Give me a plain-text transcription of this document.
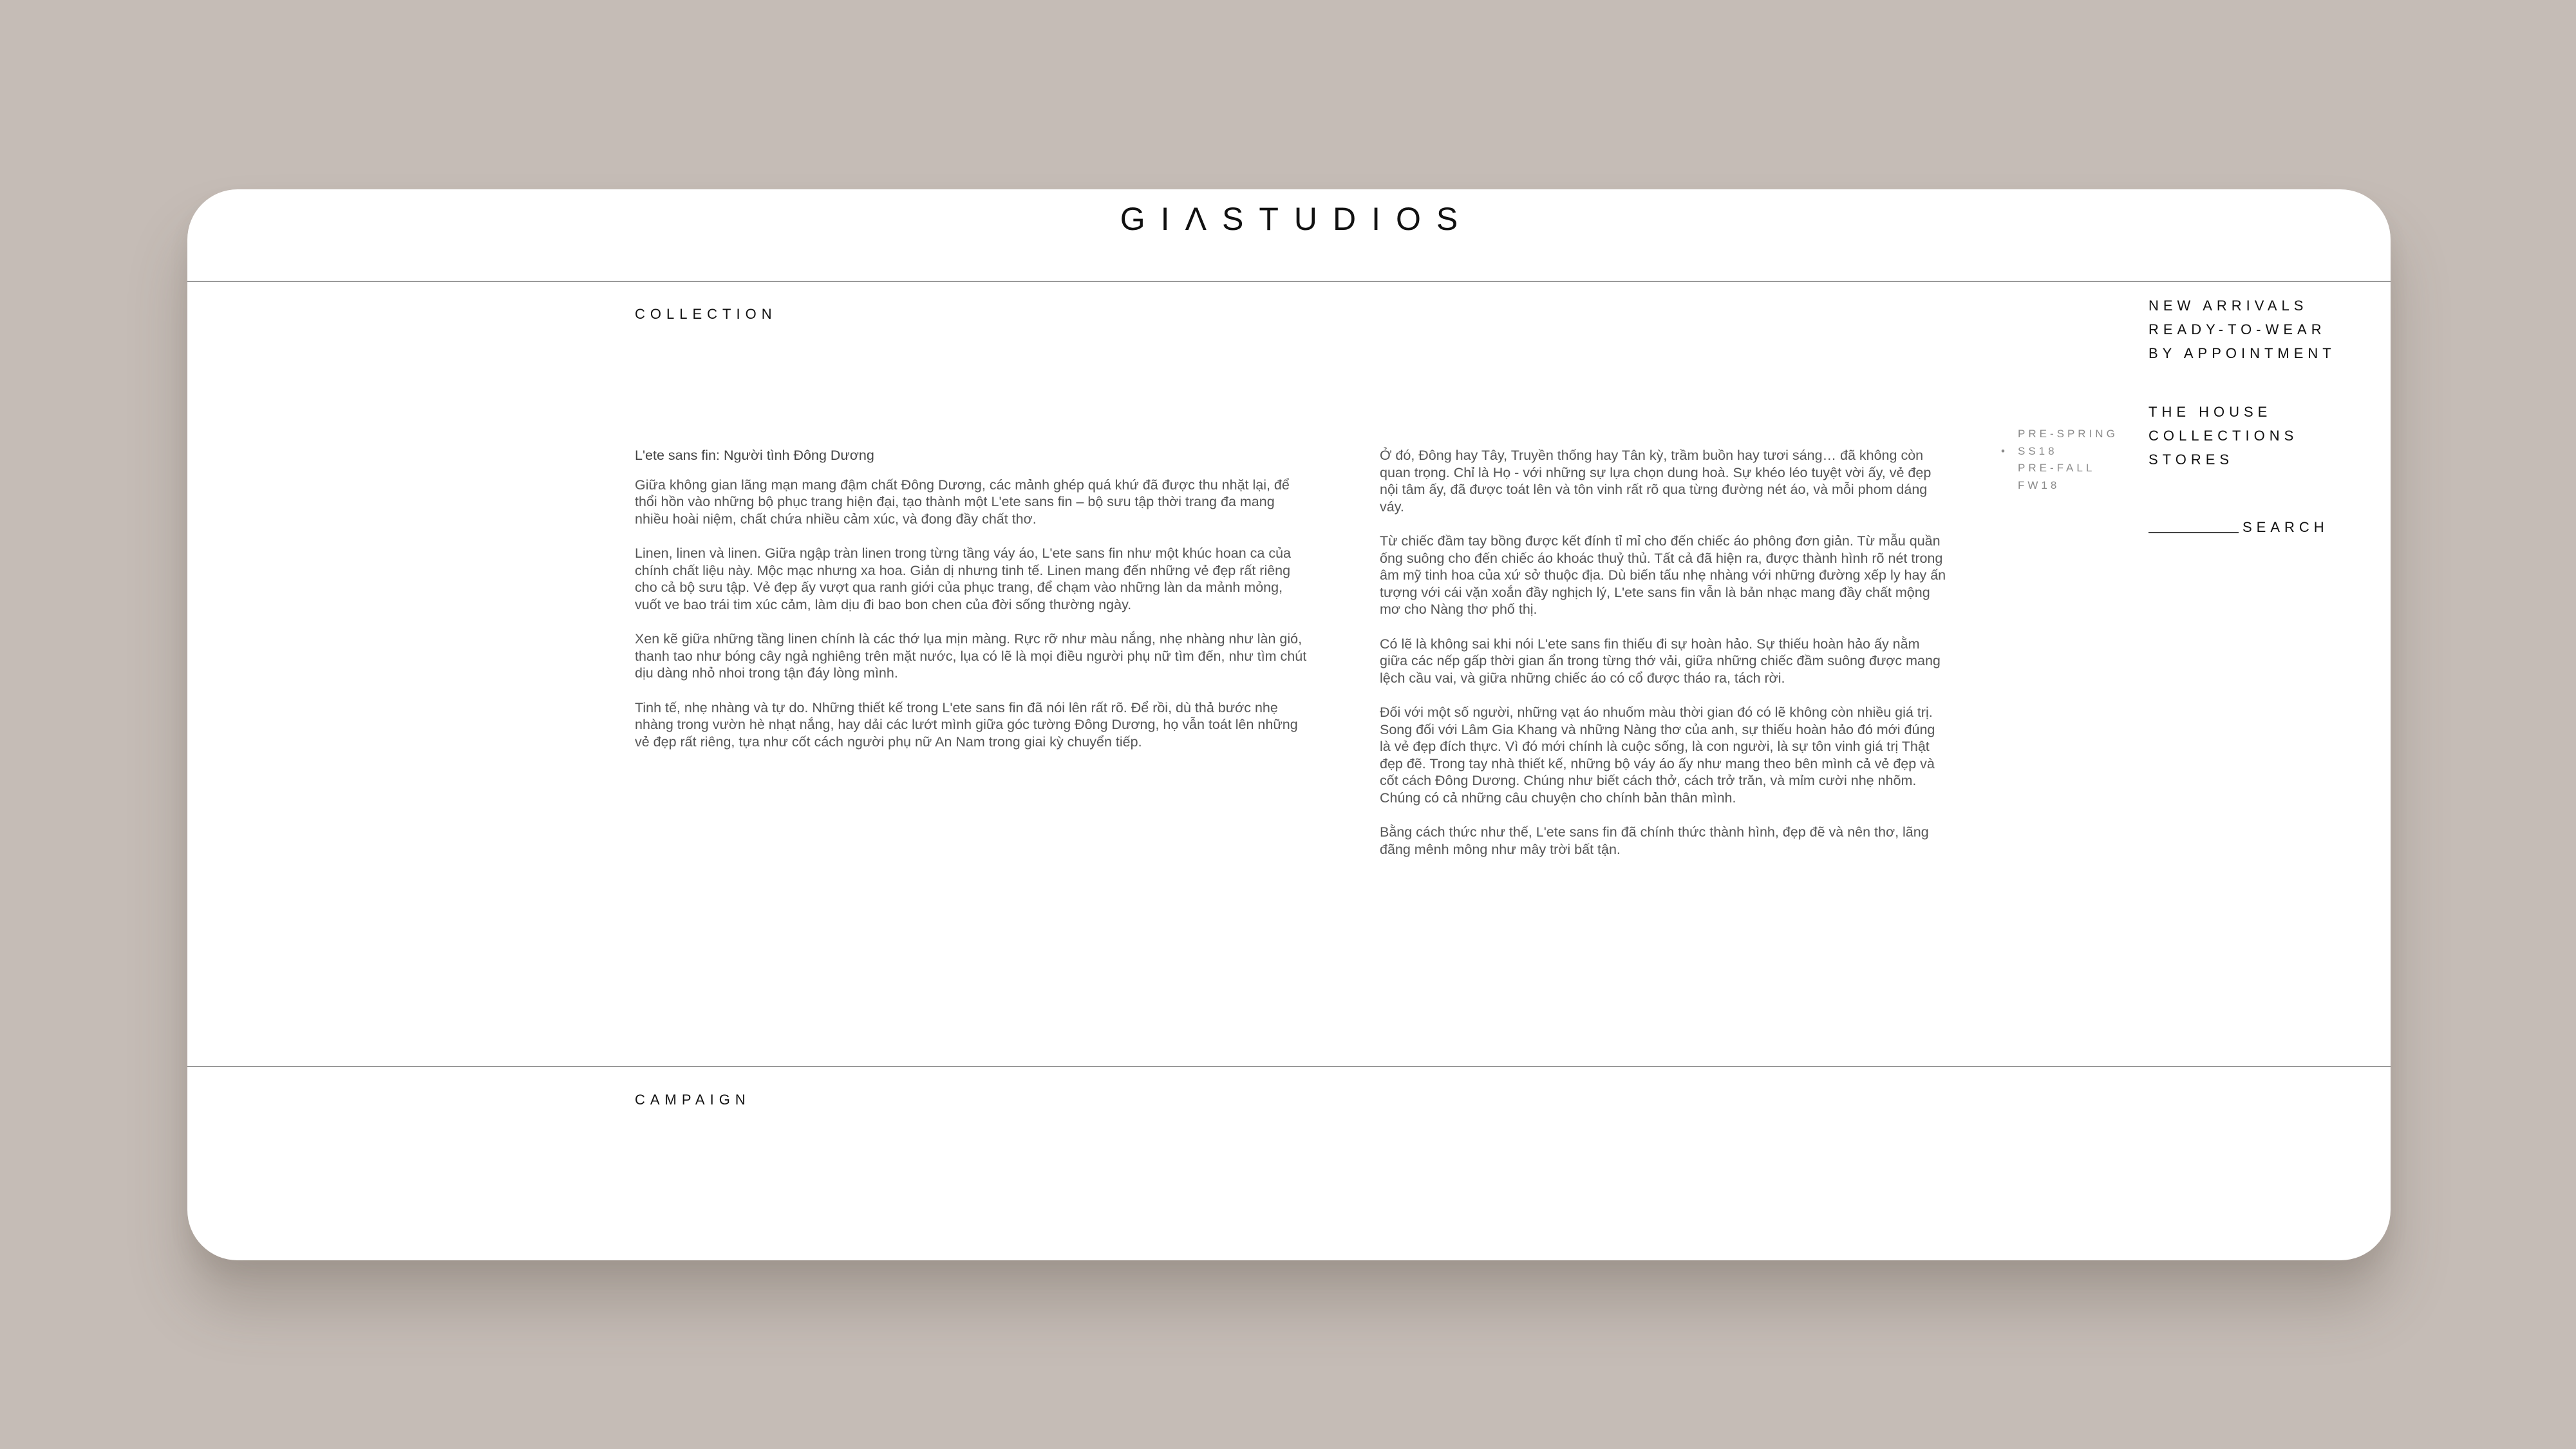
GIΛSTUDIOS
COLLECTION

L'ete sans fin: Người tình Đông Dương

Giữa không gian lãng mạn mang đậm chất Đông Dương, các mảnh ghép quá khứ đã được thu nhặt lại, để thổi hồn vào những bộ phục trang hiện đại, tạo thành một L'ete sans fin – bộ sưu tập thời trang đa mang nhiều hoài niệm, chất chứa nhiều cảm xúc, và đong đầy chất thơ.

Linen, linen và linen. Giữa ngập tràn linen trong từng tầng váy áo, L'ete sans fin như một khúc hoan ca của chính chất liệu này. Mộc mạc nhưng xa hoa. Giản dị nhưng tinh tế. Linen mang đến những vẻ đẹp rất riêng cho cả bộ sưu tập. Vẻ đẹp ấy vượt qua ranh giới của phục trang, để chạm vào những làn da mảnh mỏng, vuốt ve bao trái tim xúc cảm, làm dịu đi bao bon chen của đời sống thường ngày.

Xen kẽ giữa những tầng linen chính là các thớ lụa mịn màng. Rực rỡ như màu nắng, nhẹ nhàng như làn gió, thanh tao như bóng cây ngả nghiêng trên mặt nước, lụa có lẽ là mọi điều người phụ nữ tìm đến, như tìm chút dịu dàng nhỏ nhoi trong tận đáy lòng mình.

Tinh tế, nhẹ nhàng và tự do. Những thiết kế trong L'ete sans fin đã nói lên rất rõ. Để rồi, dù thả bước nhẹ nhàng trong vườn hè nhạt nắng, hay dải các lướt mình giữa góc tường Đông Dương, họ vẫn toát lên những vẻ đẹp rất riêng, tựa như cốt cách người phụ nữ An Nam trong giai kỳ chuyển tiếp.

Ở đó, Đông hay Tây, Truyền thống hay Tân kỳ, trầm buồn hay tươi sáng… đã không còn quan trọng. Chỉ là Họ - với những sự lựa chọn dung hoà. Sự khéo léo tuyệt vời ấy, vẻ đẹp nội tâm ấy, đã được toát lên và tôn vinh rất rõ qua từng đường nét áo, và mỗi phom dáng váy.

Từ chiếc đầm tay bồng được kết đính tỉ mỉ cho đến chiếc áo phông đơn giản. Từ mẫu quần ống suông cho đến chiếc áo khoác thuỷ thủ. Tất cả đã hiện ra, được thành hình rõ nét trong âm mỹ tinh hoa của xứ sở thuộc địa. Dù biến tấu nhẹ nhàng với những đường xếp ly hay ấn tượng với cái vặn xoắn đầy nghịch lý, L'ete sans fin vẫn là bản nhạc mang đầy chất mộng mơ cho Nàng thơ phố thị.

Có lẽ là không sai khi nói L'ete sans fin thiếu đi sự hoàn hảo. Sự thiếu hoàn hảo ấy nằm giữa các nếp gấp thời gian ẩn trong từng thớ vải, giữa những chiếc đầm suông được mang lệch cầu vai, và giữa những chiếc áo có cổ được tháo ra, tách rời.

Đối với một số người, những vạt áo nhuốm màu thời gian đó có lẽ không còn nhiều giá trị. Song đối với Lâm Gia Khang và những Nàng thơ của anh, sự thiếu hoàn hảo đó mới đúng là vẻ đẹp đích thực. Vì đó mới chính là cuộc sống, là con người, là sự tôn vinh giá trị Thật đẹp đẽ. Trong tay nhà thiết kế, những bộ váy áo ấy như mang theo bên mình cả vẻ đẹp và cốt cách Đông Dương. Chúng như biết cách thở, cách trở trăn, và mỉm cười nhẹ nhõm. Chúng có cả những câu chuyện cho chính bản thân mình.

Bằng cách thức như thế, L'ete sans fin đã chính thức thành hình, đẹp đẽ và nên thơ, lãng đãng mênh mông như mây trời bất tận.

PRE-SPRING
• SS18
PRE-FALL
FW18
NEW ARRIVALS
READY-TO-WEAR
BY APPOINTMENT
THE HOUSE
COLLECTIONS
STORES
SEARCH
CAMPAIGN
